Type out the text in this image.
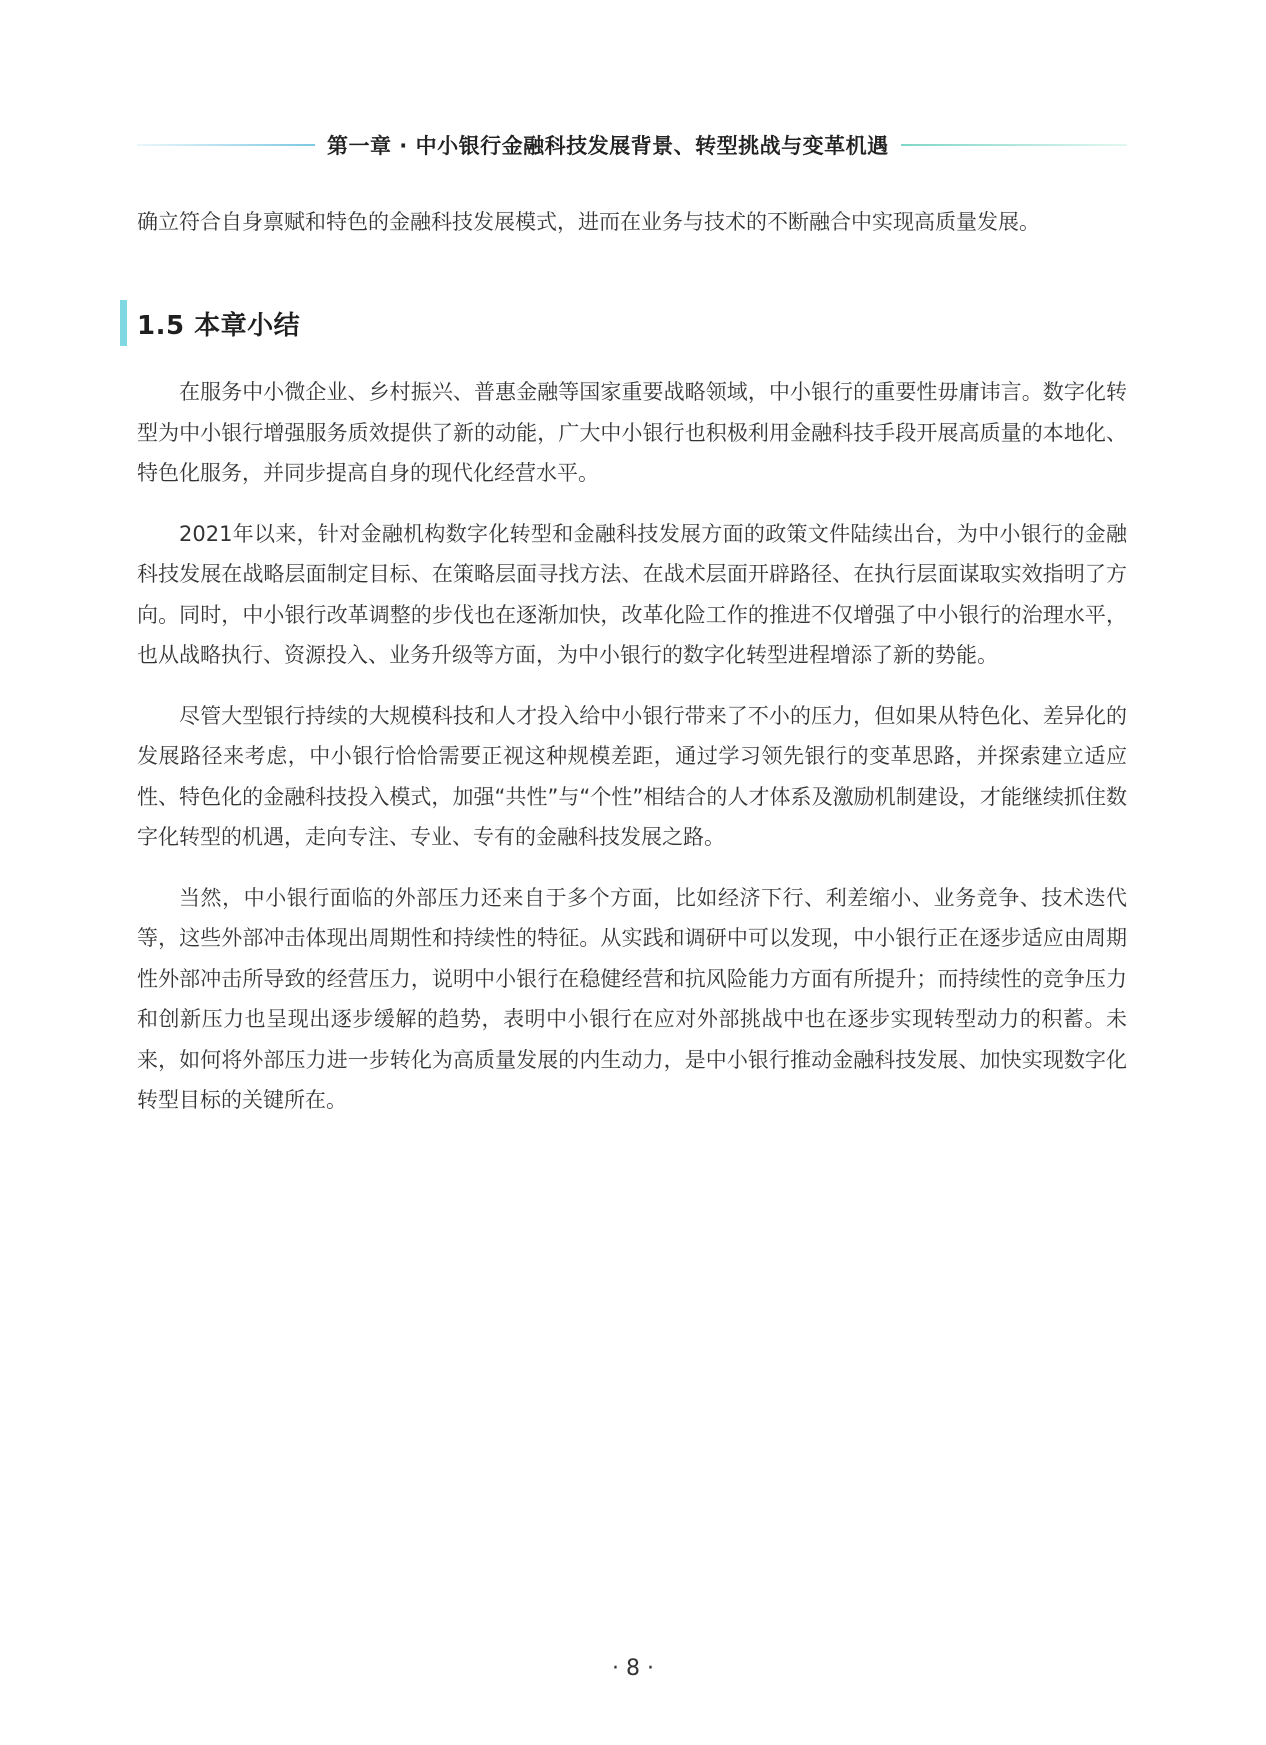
第一章 · 中小银行金融科技发展背景、转型挑战与变革机遇
确立符合自身禀赋和特色的金融科技发展模式，进而在业务与技术的不断融合中实现高质量发展。
1.5 本章小结

在服务中小微企业、乡村振兴、普惠金融等国家重要战略领域，中小银行的重要性毋庸讳言。数字化转型为中小银行增强服务质效提供了新的动能，广大中小银行也积极利用金融科技手段开展高质量的本地化、特色化服务，并同步提高自身的现代化经营水平。

2021年以来，针对金融机构数字化转型和金融科技发展方面的政策文件陆续出台，为中小银行的金融科技发展在战略层面制定目标、在策略层面寻找方法、在战术层面开辟路径、在执行层面谋取实效指明了方向。同时，中小银行改革调整的步伐也在逐渐加快，改革化险工作的推进不仅增强了中小银行的治理水平，也从战略执行、资源投入、业务升级等方面，为中小银行的数字化转型进程增添了新的势能。

尽管大型银行持续的大规模科技和人才投入给中小银行带来了不小的压力，但如果从特色化、差异化的发展路径来考虑，中小银行恰恰需要正视这种规模差距，通过学习领先银行的变革思路，并探索建立适应性、特色化的金融科技投入模式，加强“共性”与“个性”相结合的人才体系及激励机制建设，才能继续抓住数字化转型的机遇，走向专注、专业、专有的金融科技发展之路。

当然，中小银行面临的外部压力还来自于多个方面，比如经济下行、利差缩小、业务竞争、技术迭代等，这些外部冲击体现出周期性和持续性的特征。从实践和调研中可以发现，中小银行正在逐步适应由周期性外部冲击所导致的经营压力，说明中小银行在稳健经营和抗风险能力方面有所提升；而持续性的竞争压力和创新压力也呈现出逐步缓解的趋势，表明中小银行在应对外部挑战中也在逐步实现转型动力的积蓄。未来，如何将外部压力进一步转化为高质量发展的内生动力，是中小银行推动金融科技发展、加快实现数字化转型目标的关键所在。

· 8 ·
